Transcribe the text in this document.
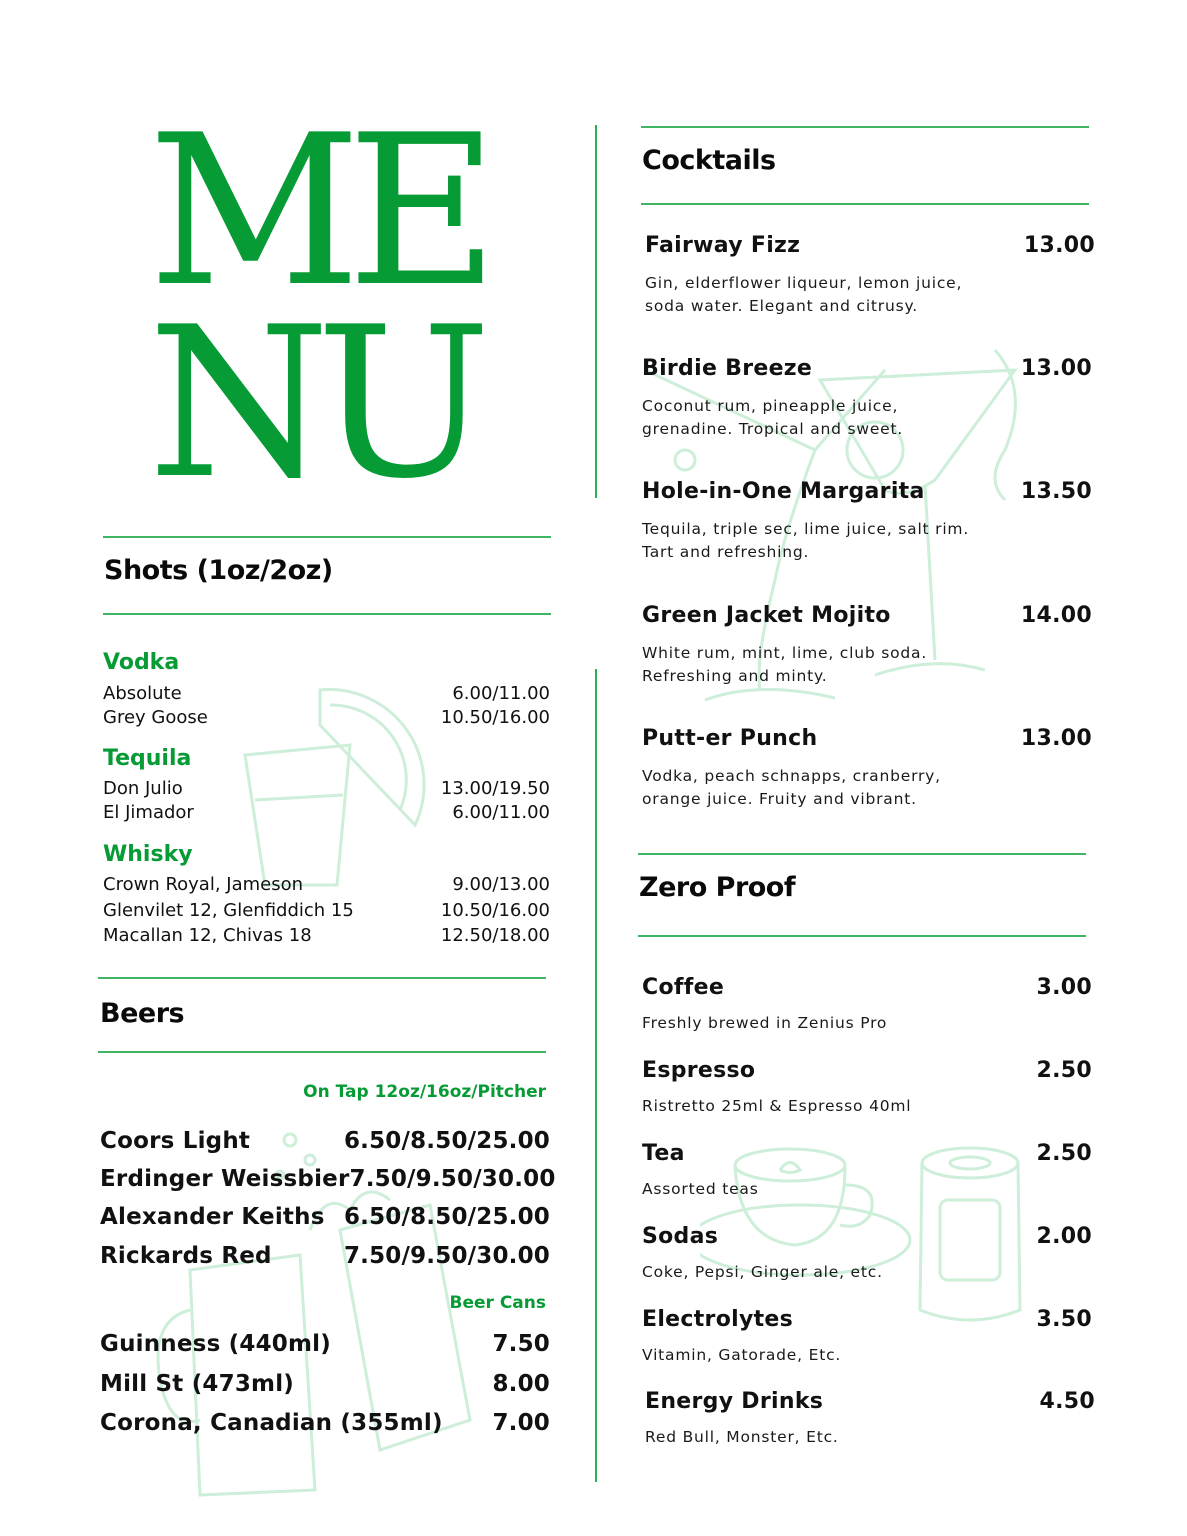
ME
NU
Shots (1oz/2oz)
Vodka
Absolute	6.00/11.00
Grey Goose	10.50/16.00
Tequila
Don Julio	13.00/19.50
El Jimador	6.00/11.00
Whisky
Crown Royal, Jameson	9.00/13.00
Glenvilet 12, Glenfiddich 15	10.50/16.00
Macallan 12, Chivas 18	12.50/18.00
Beers
On Tap 12oz/16oz/Pitcher
Coors Light	6.50/8.50/25.00
Erdinger Weissbier 7.50/9.50/30.00
Alexander Keiths 6.50/8.50/25.00
Rickards Red	7.50/9.50/30.00
Beer Cans
Guinness (440ml)	7.50
Mill St (473ml)	8.00
Corona, Canadian (355ml) 7.00
Cocktails
Fairway Fizz	13.00
Gin, elderflower liqueur, lemon juice,
soda water. Elegant and citrusy.
Birdie Breeze	13.00
Coconut rum, pineapple juice,
grenadine. Tropical and sweet.
Hole-in-One Margarita	13.50
Tequila, triple sec, lime juice, salt rim.
Tart and refreshing.
Green Jacket Mojito	14.00
White rum, mint, lime, club soda.
Refreshing and minty.
Putt-er Punch	13.00
Vodka, peach schnapps, cranberry,
orange juice. Fruity and vibrant.
Zero Proof
Coffee	3.00
Freshly brewed in Zenius Pro
Espresso	2.50
Ristretto 25ml & Espresso 40ml
Tea	2.50
Assorted teas
Sodas	2.00
Coke, Pepsi, Ginger ale, etc.
Electrolytes	3.50
Vitamin, Gatorade, Etc.
Energy Drinks	4.50
Red Bull, Monster, Etc.
